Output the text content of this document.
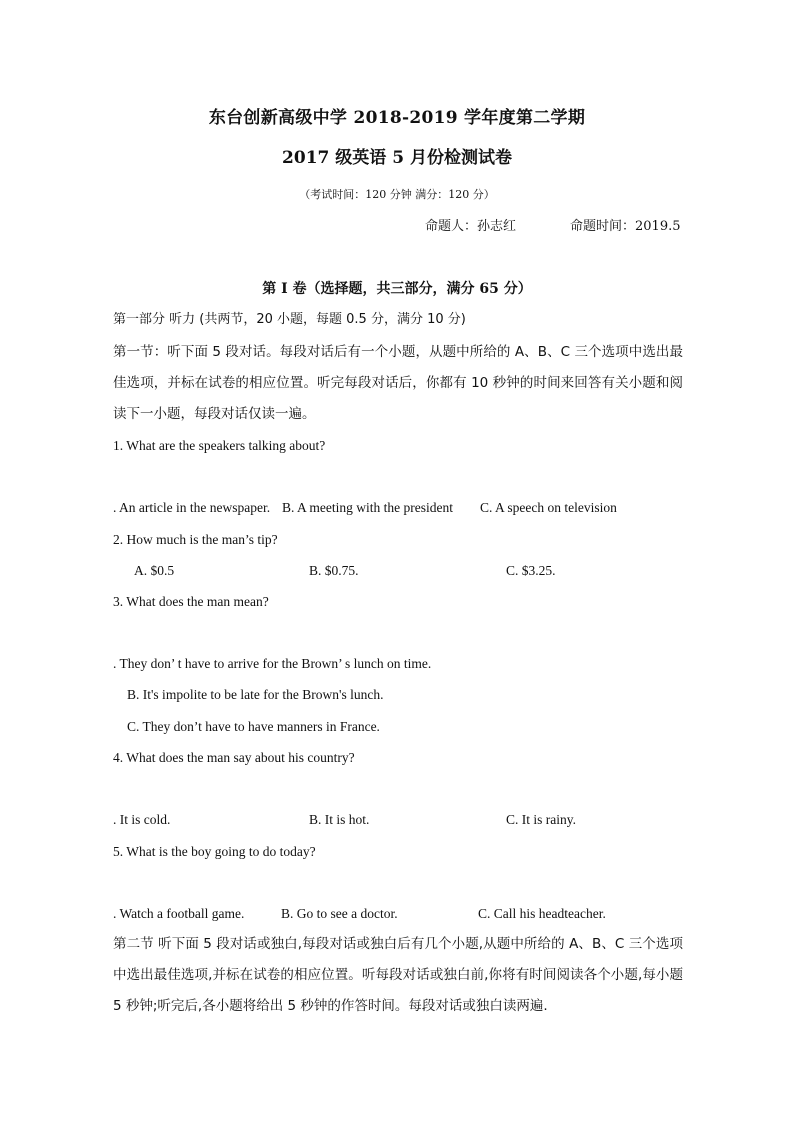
东台创新高级中学 2018-2019 学年度第二学期
2017 级英语 5 月份检测试卷
（考试时间：120 分钟 满分：120 分）
命题人：孙志红	命题时间：2019.5
第 I 卷（选择题，共三部分，满分 65 分）
第一部分 听力 (共两节，20 小题，每题 0.5 分，满分 10 分)
第一节：听下面 5 段对话。每段对话后有一个小题，从题中所给的 A、B、C 三个选项中选出最佳选项，并标在试卷的相应位置。听完每段对话后，你都有 10 秒钟的时间来回答有关小题和阅读下一小题，每段对话仅读一遍。
1. What are the speakers talking about?
. An article in the newspaper. B. A meeting with the president C. A speech on television
2. How much is the man’s tip?
A. $0.5	B. $0.75.	C. $3.25.
3. What does the man mean?
. They don’ t have to arrive for the Brown’ s lunch on time.
B. It's impolite to be late for the Brown's lunch.
C. They don’t have to have manners in France.
4. What does the man say about his country?
. It is cold.	B. It is hot.	C. It is rainy.
5. What is the boy going to do today?
. Watch a football game.	B. Go to see a doctor.	C. Call his headteacher.
第二节 听下面 5 段对话或独白,每段对话或独白后有几个小题,从题中所给的 A、B、C 三个选项中选出最佳选项,并标在试卷的相应位置。听每段对话或独白前,你将有时间阅读各个小题,每小题 5 秒钟;听完后,各小题将给出 5 秒钟的作答时间。每段对话或独白读两遍.
